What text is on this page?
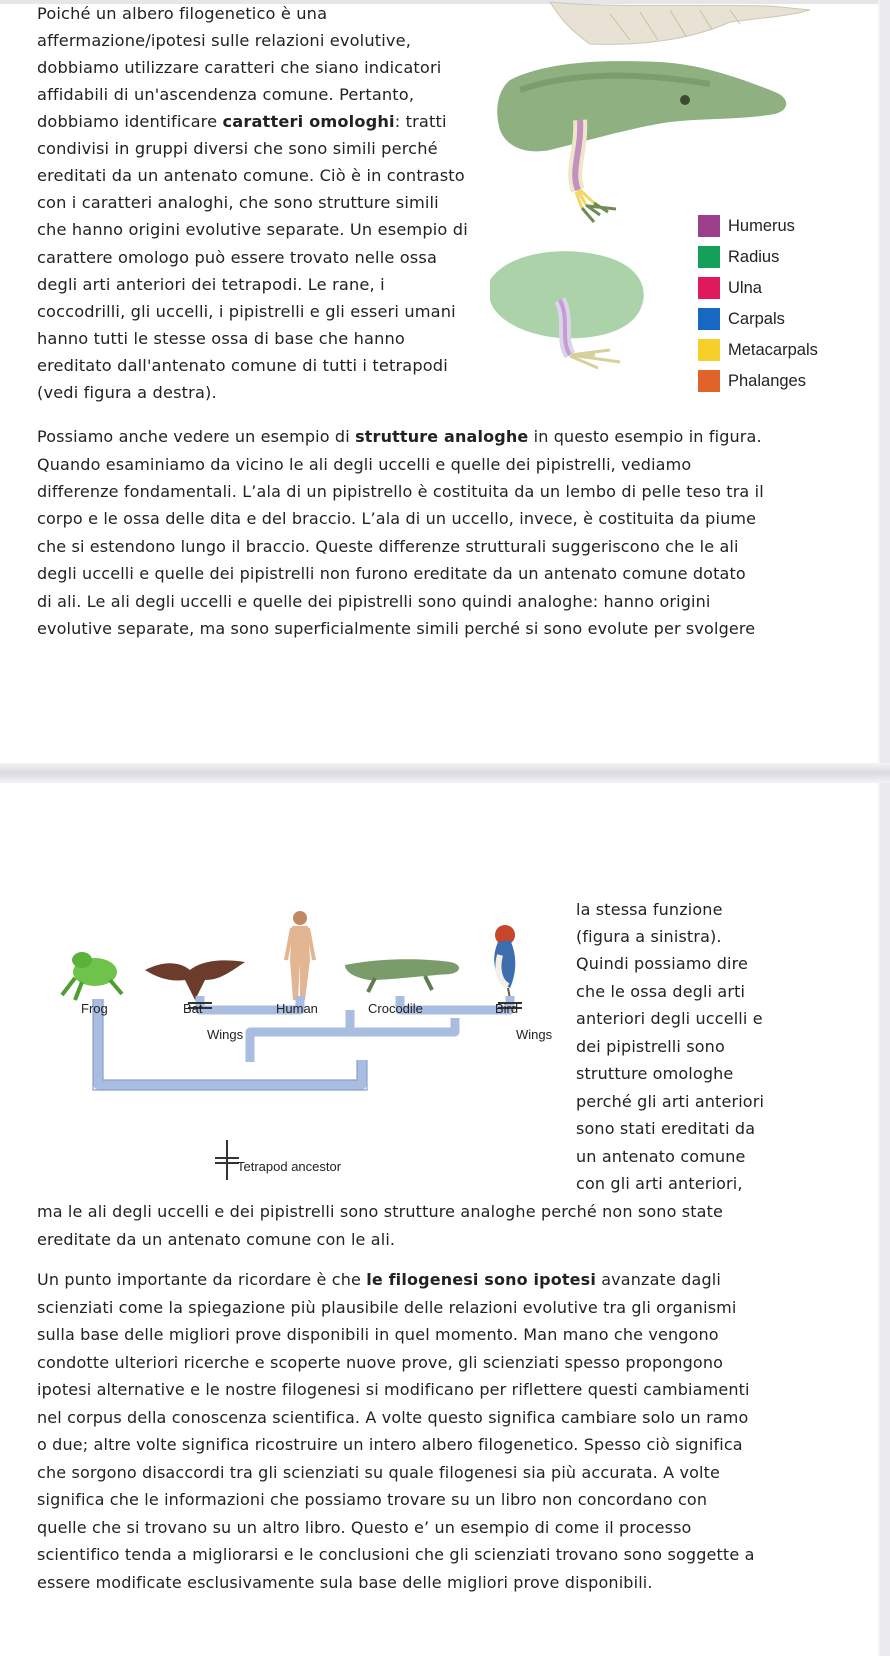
Poiché un albero filogenetico è una
affermazione/ipotesi sulle relazioni evolutive,
dobbiamo utilizzare caratteri che siano indicatori
affidabili di un'ascendenza comune. Pertanto,
dobbiamo identificare caratteri omologhi: tratti
condivisi in gruppi diversi che sono simili perché
ereditati da un antenato comune. Ciò è in contrasto
con i caratteri analoghi, che sono strutture simili
che hanno origini evolutive separate. Un esempio di
carattere omologo può essere trovato nelle ossa
degli arti anteriori dei tetrapodi. Le rane, i
coccodrilli, gli uccelli, i pipistrelli e gli esseri umani
hanno tutti le stesse ossa di base che hanno
ereditato dall'antenato comune di tutti i tetrapodi
(vedi figura a destra).
Humerus
Radius
Ulna
Carpals
Metacarpals
Phalanges
Possiamo anche vedere un esempio di strutture analoghe in questo esempio in figura.
Quando esaminiamo da vicino le ali degli uccelli e quelle dei pipistrelli, vediamo
differenze fondamentali. L’ala di un pipistrello è costituita da un lembo di pelle teso tra il
corpo e le ossa delle dita e del braccio. L’ala di un uccello, invece, è costituita da piume
che si estendono lungo il braccio. Queste differenze strutturali suggeriscono che le ali
degli uccelli e quelle dei pipistrelli non furono ereditate da un antenato comune dotato
di ali. Le ali degli uccelli e quelle dei pipistrelli sono quindi analoghe: hanno origini
evolutive separate, ma sono superficialmente simili perché si sono evolute per svolgere
Frog	Bat	Human	Crocodile	Bird
Wings	Wings
Tetrapod ancestor
la stessa funzione
(figura a sinistra).
Quindi possiamo dire
che le ossa degli arti
anteriori degli uccelli e
dei pipistrelli sono
strutture omologhe
perché gli arti anteriori
sono stati ereditati da
un antenato comune
con gli arti anteriori,
ma le ali degli uccelli e dei pipistrelli sono strutture analoghe perché non sono state
ereditate da un antenato comune con le ali.
Un punto importante da ricordare è che le filogenesi sono ipotesi avanzate dagli
scienziati come la spiegazione più plausibile delle relazioni evolutive tra gli organismi
sulla base delle migliori prove disponibili in quel momento. Man mano che vengono
condotte ulteriori ricerche e scoperte nuove prove, gli scienziati spesso propongono
ipotesi alternative e le nostre filogenesi si modificano per riflettere questi cambiamenti
nel corpus della conoscenza scientifica. A volte questo significa cambiare solo un ramo
o due; altre volte significa ricostruire un intero albero filogenetico. Spesso ciò significa
che sorgono disaccordi tra gli scienziati su quale filogenesi sia più accurata. A volte
significa che le informazioni che possiamo trovare su un libro non concordano con
quelle che si trovano su un altro libro. Questo e’ un esempio di come il processo
scientifico tenda a migliorarsi e le conclusioni che gli scienziati trovano sono soggette a
essere modificate esclusivamente sula base delle migliori prove disponibili.
